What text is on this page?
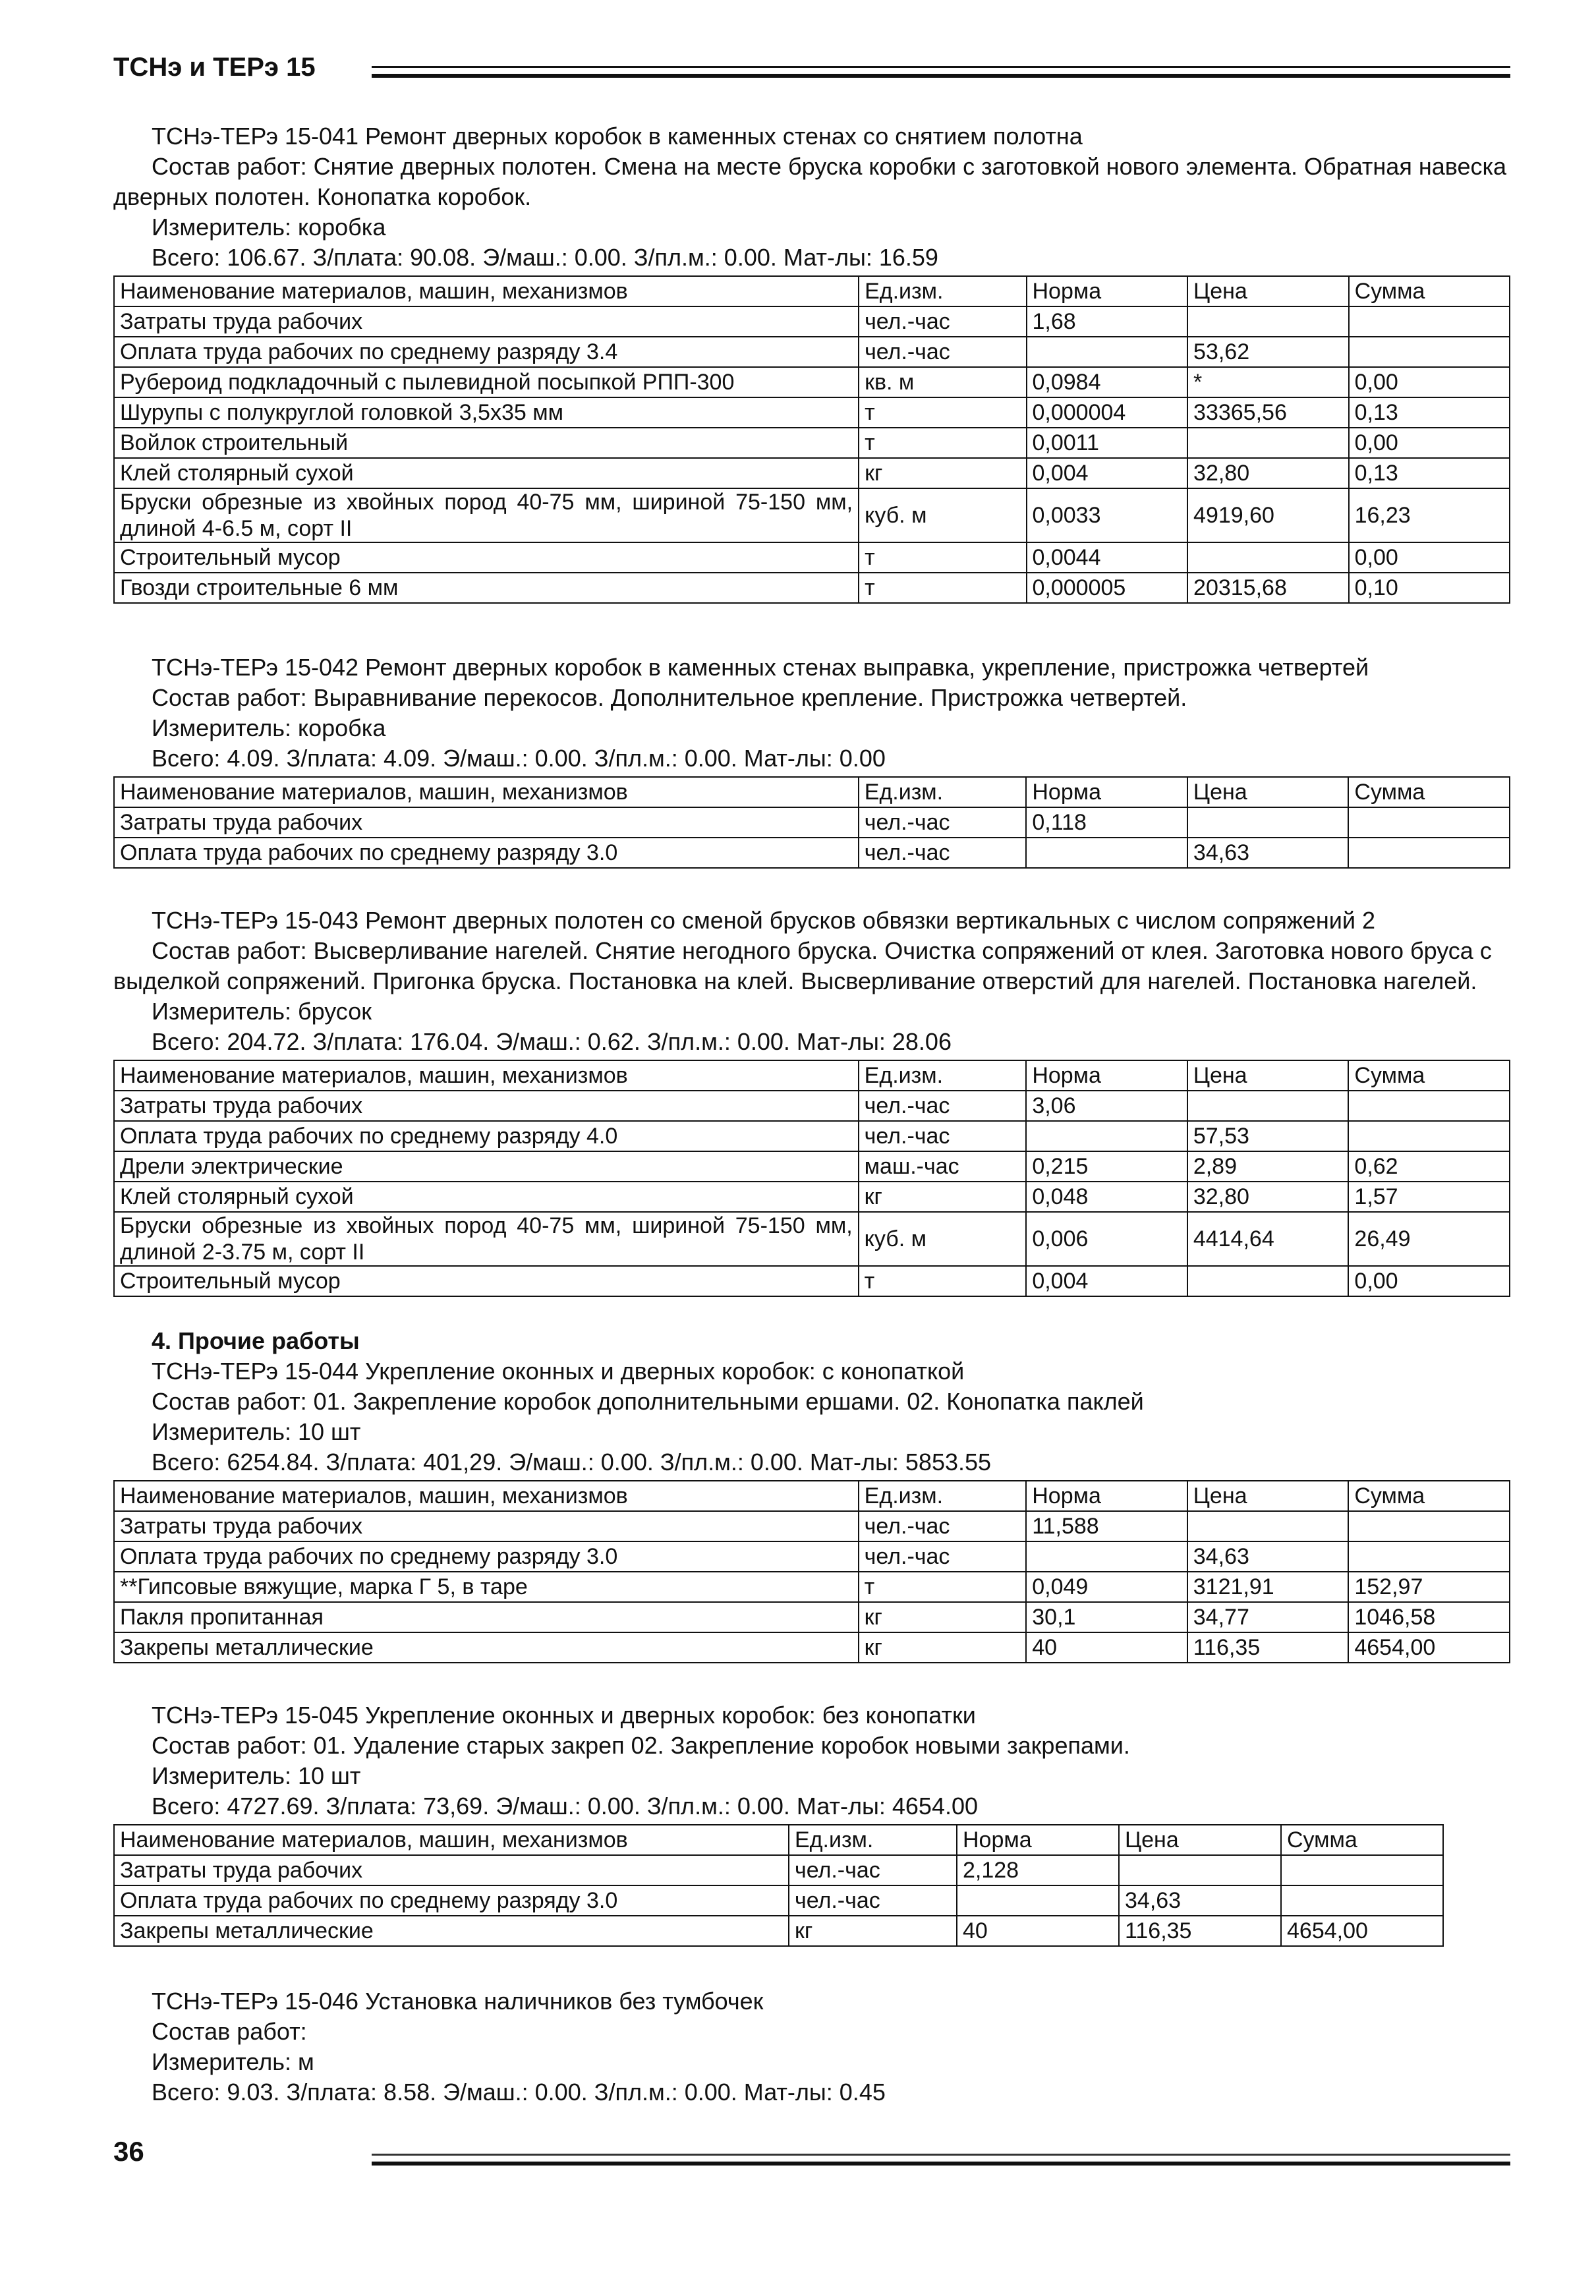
ТСНэ и ТЕРэ 15
ТСНэ-ТЕРэ 15-041 Ремонт дверных коробок в каменных стенах со снятием полотна
Состав работ: Снятие дверных полотен. Смена на месте бруска коробки с заготовкой нового элемента. Обратная навеска дверных полотен. Конопатка коробок.
Измеритель: коробка
Всего: 106.67. З/плата: 90.08. Э/маш.: 0.00. З/пл.м.: 0.00. Мат-лы: 16.59
Наименование материалов, машин, механизмов	Ед.изм.	Норма	Цена	Сумма
Затраты труда рабочих	чел.-час	1,68		
Оплата труда рабочих по среднему разряду 3.4	чел.-час		53,62	
Рубероид подкладочный с пылевидной посыпкой РПП-300	кв. м	0,0984	*	0,00
Шурупы с полукруглой головкой 3,5х35 мм	т	0,000004	33365,56	0,13
Войлок строительный	т	0,0011		0,00
Клей столярный сухой	кг	0,004	32,80	0,13
Бруски обрезные из хвойных пород 40-75 мм, шириной 75-150 мм, длиной 4-6.5 м, сорт II	куб. м	0,0033	4919,60	16,23
Строительный мусор	т	0,0044		0,00
Гвозди строительные 6 мм	т	0,000005	20315,68	0,10
ТСНэ-ТЕРэ 15-042 Ремонт дверных коробок в каменных стенах выправка, укрепление, пристрожка четвертей
Состав работ: Выравнивание перекосов. Дополнительное крепление. Пристрожка четвертей.
Измеритель: коробка
Всего: 4.09. З/плата: 4.09. Э/маш.: 0.00. З/пл.м.: 0.00. Мат-лы: 0.00
Наименование материалов, машин, механизмов	Ед.изм.	Норма	Цена	Сумма
Затраты труда рабочих	чел.-час	0,118		
Оплата труда рабочих по среднему разряду 3.0	чел.-час		34,63	
ТСНэ-ТЕРэ 15-043 Ремонт дверных полотен со сменой брусков обвязки вертикальных с числом сопряжений 2
Состав работ: Высверливание нагелей. Снятие негодного бруска. Очистка сопряжений от клея. Заготовка нового бруса с выделкой сопряжений. Пригонка бруска. Постановка на клей. Высверливание отверстий для нагелей. Постановка нагелей.
Измеритель: брусок
Всего: 204.72. З/плата: 176.04. Э/маш.: 0.62. З/пл.м.: 0.00. Мат-лы: 28.06
Наименование материалов, машин, механизмов	Ед.изм.	Норма	Цена	Сумма
Затраты труда рабочих	чел.-час	3,06		
Оплата труда рабочих по среднему разряду 4.0	чел.-час		57,53	
Дрели электрические	маш.-час	0,215	2,89	0,62
Клей столярный сухой	кг	0,048	32,80	1,57
Бруски обрезные из хвойных пород 40-75 мм, шириной 75-150 мм, длиной 2-3.75 м, сорт II	куб. м	0,006	4414,64	26,49
Строительный мусор	т	0,004		0,00
4. Прочие работы
ТСНэ-ТЕРэ 15-044 Укрепление оконных и дверных коробок: с конопаткой
Состав работ: 01. Закрепление коробок дополнительными ершами. 02. Конопатка паклей
Измеритель: 10 шт
Всего: 6254.84. З/плата: 401,29. Э/маш.: 0.00. З/пл.м.: 0.00. Мат-лы: 5853.55
Наименование материалов, машин, механизмов	Ед.изм.	Норма	Цена	Сумма
Затраты труда рабочих	чел.-час	11,588		
Оплата труда рабочих по среднему разряду 3.0	чел.-час		34,63	
**Гипсовые вяжущие, марка Г 5, в таре	т	0,049	3121,91	152,97
Пакля пропитанная	кг	30,1	34,77	1046,58
Закрепы металлические	кг	40	116,35	4654,00
ТСНэ-ТЕРэ 15-045 Укрепление оконных и дверных коробок: без конопатки
Состав работ: 01. Удаление старых закреп 02. Закрепление коробок новыми закрепами.
Измеритель: 10 шт
Всего: 4727.69. З/плата: 73,69. Э/маш.: 0.00. З/пл.м.: 0.00. Мат-лы: 4654.00
Наименование материалов, машин, механизмов	Ед.изм.	Норма	Цена	Сумма
Затраты труда рабочих	чел.-час	2,128		
Оплата труда рабочих по среднему разряду 3.0	чел.-час		34,63	
Закрепы металлические	кг	40	116,35	4654,00
ТСНэ-ТЕРэ 15-046 Установка наличников без тумбочек
Состав работ:
Измеритель: м
Всего: 9.03. З/плата: 8.58. Э/маш.: 0.00. З/пл.м.: 0.00. Мат-лы: 0.45
36
